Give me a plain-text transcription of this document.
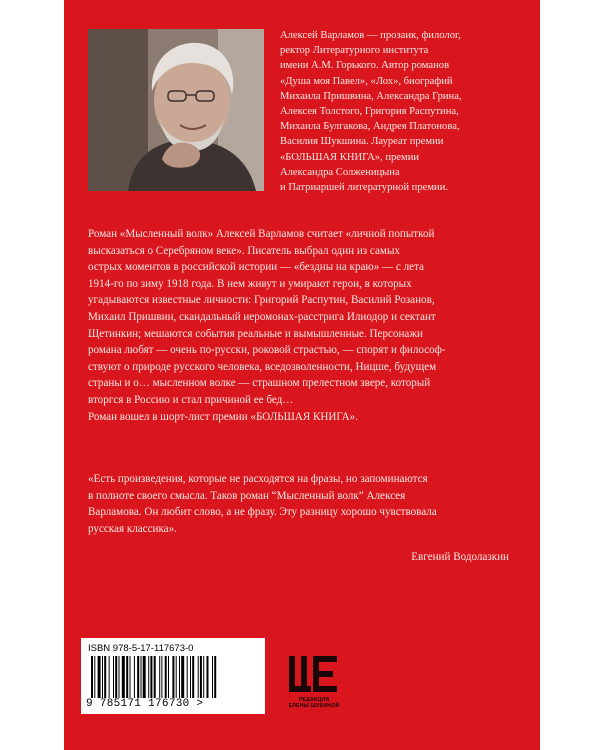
Алексей Варламов — прозаик, филолог,
ректор Литературного института
имени А.М. Горького. Автор романов
«Душа моя Павел», «Лох», биографий
Михаила Пришвина, Александра Грина,
Алексея Толстого, Григория Распутина,
Михаила Булгакова, Андрея Платонова,
Василия Шукшина. Лауреат премии
«БОЛЬШАЯ КНИГА», премии
Александра Солженицына
и Патриаршей литературной премии.

Роман «Мысленный волк» Алексей Варламов считает «личной попыткой
высказаться о Серебряном веке». Писатель выбрал один из самых
острых моментов в российской истории — «бездны на краю» — с лета
1914-го по зиму 1918 года. В нем живут и умирают герои, в которых
угадываются известные личности: Григорий Распутин, Василий Розанов,
Михаил Пришвин, скандальный иеромонах-расстрига Илиодор и сектант
Щетинкин; мешаются события реальные и вымышленные. Персонажи
романа любят — очень по-русски, роковой страстью, — спорят и философ-
ствуют о природе русского человека, вседозволенности, Ницше, будущем
страны и о… мысленном волке — страшном прелестном звере, который
вторгся в Россию и стал причиной ее бед…
Роман вошел в шорт-лист премии «БОЛЬШАЯ КНИГА».

«Есть произведения, которые не расходятся на фразы, но запоминаются
в полноте своего смысла. Таков роман “Мысленный волк” Алексея
Варламова. Он любит слово, а не фразу. Эту разницу хорошо чувствовала
русская классика».

Евгений Водолазкин
ISBN 978-5-17-117673-0
9 785171 176730 >	РЕДАКЦИЯ
ЕЛЕНЫ ШУБИНОЙ
